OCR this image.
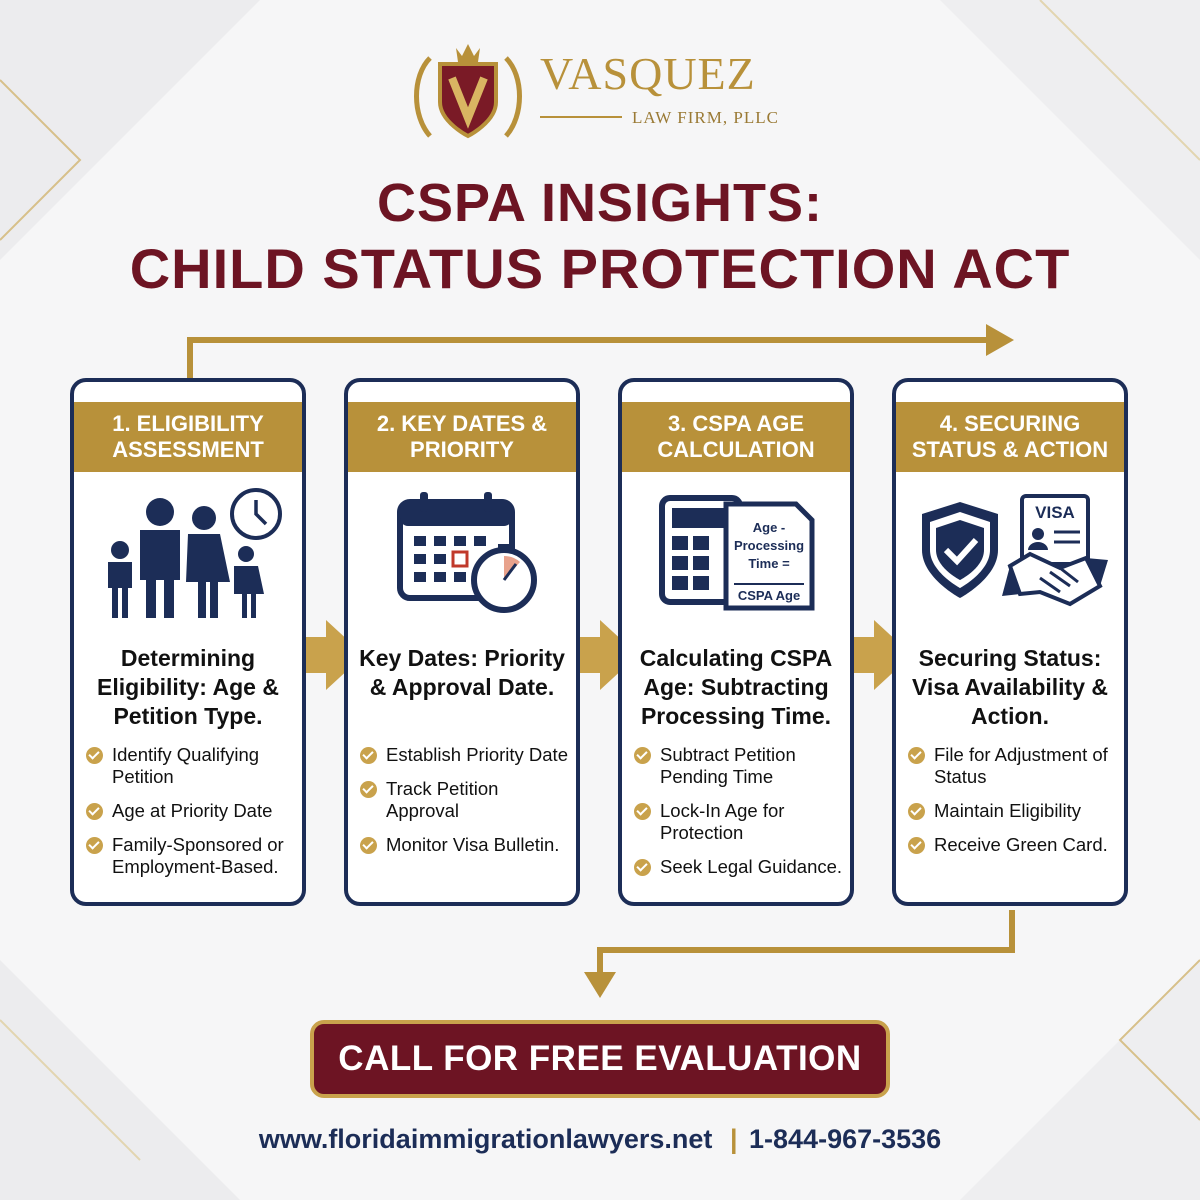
VASQUEZ
LAW FIRM, PLLC
CSPA INSIGHTS:
CHILD STATUS PROTECTION ACT
1. ELIGIBILITY ASSESSMENT
Determining Eligibility: Age & Petition Type.
Identify Qualifying Petition
Age at Priority Date
Family-Sponsored or Employment-Based.
2. KEY DATES & PRIORITY
Key Dates: Priority & Approval Date.
Establish Priority Date
Track Petition Approval
Monitor Visa Bulletin.
3. CSPA AGE CALCULATION
Age -
Processing
Time =
CSPA Age
Calculating CSPA Age: Subtracting Processing Time.
Subtract Petition Pending Time
Lock-In Age for Protection
Seek Legal Guidance.
4. SECURING STATUS & ACTION
VISA
Securing Status: Visa Availability & Action.
File for Adjustment of Status
Maintain Eligibility
Receive Green Card.
CALL FOR FREE EVALUATION
www.floridaimmigrationlawyers.net | 1-844-967-3536
